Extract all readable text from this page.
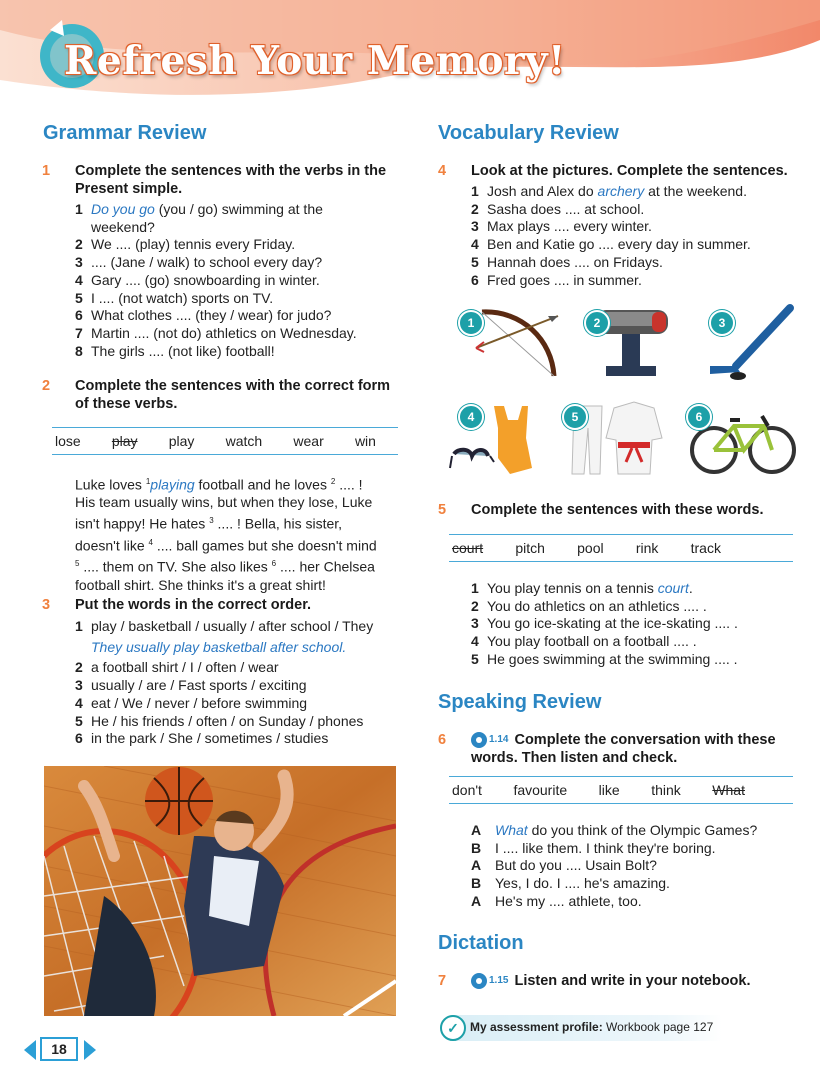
Refresh Your Memory!
Grammar Review
1 Complete the sentences with the verbs in the Present simple.
1 Do you go (you / go) swimming at the
weekend?
2 We .... (play) tennis every Friday.
3 .... (Jane / walk) to school every day?
4 Gary .... (go) snowboarding in winter.
5 I .... (not watch) sports on TV.
6 What clothes .... (they / wear) for judo?
7 Martin .... (not do) athletics on Wednesday.
8 The girls .... (not like) football!
2 Complete the sentences with the correct form of these verbs.
lose play play watch wear win
Luke loves $^1$playing football and he loves $^2$ .... !
His team usually wins, but when they lose, Luke
isn't happy! He hates $^3$ .... ! Bella, his sister,
doesn't like $^4$ .... ball games but she doesn't mind
$^5$ .... them on TV. She also likes $^6$ .... her Chelsea
football shirt. She thinks it's a great shirt!
3 Put the words in the correct order.
1 play / basketball / usually / after school / They
They usually play basketball after school.
2 a football shirt / I / often / wear
3 usually / are / Fast sports / exciting
4 eat / We / never / before swimming
5 He / his friends / often / on Sunday / phones
6 in the park / She / sometimes / studies
Vocabulary Review
4 Look at the pictures. Complete the sentences.
1 Josh and Alex do archery at the weekend.
2 Sasha does .... at school.
3 Max plays .... every winter.
4 Ben and Katie go .... every day in summer.
5 Hannah does .... on Fridays.
6 Fred goes .... in summer.
1	2	3
4	5	6
5 Complete the sentences with these words.
court pitch pool rink track
1 You play tennis on a tennis court.
2 You do athletics on an athletics .... .
3 You go ice-skating at the ice-skating .... .
4 You play football on a football .... .
5 He goes swimming at the swimming .... .
Speaking Review
6	1.14 Complete the conversation with these
words. Then listen and check.
don't favourite like think What
A What do you think of the Olympic Games?
B I .... like them. I think they're boring.
A But do you .... Usain Bolt?
B Yes, I do. I .... he's amazing.
A He's my .... athlete, too.
Dictation
7	1.15 Listen and write in your notebook.
✓ My assessment profile: Workbook page 127
18
